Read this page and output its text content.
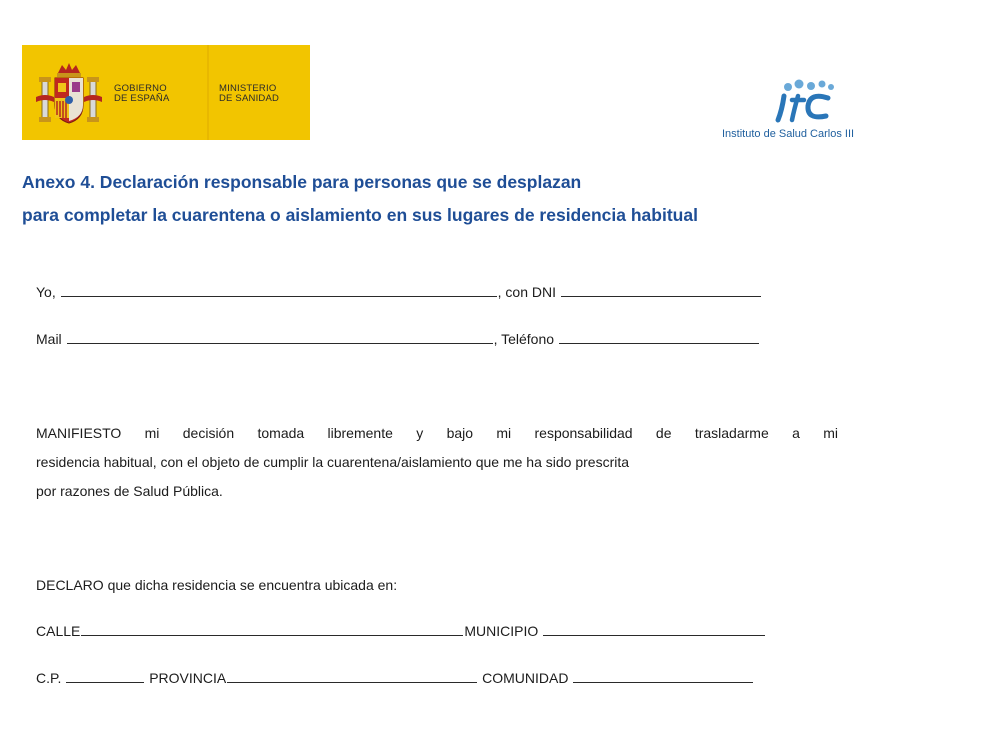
GOBIERNO
DE ESPAÑA
MINISTERIO
DE SANIDAD
Instituto de Salud Carlos III
Anexo 4. Declaración responsable para personas que se desplazan
para completar la cuarentena o aislamiento en sus lugares de residencia habitual
Yo,	, con DNI
Mail	, Teléfono
MANIFIESTO mi decisión tomada libremente y bajo mi responsabilidad de trasladarme a mi
residencia habitual, con el objeto de cumplir la cuarentena/aislamiento que me ha sido prescrita
por razones de Salud Pública.
DECLARO que dicha residencia se encuentra ubicada en:
CALLE	MUNICIPIO
C.P.	PROVINCIA	COMUNIDAD
